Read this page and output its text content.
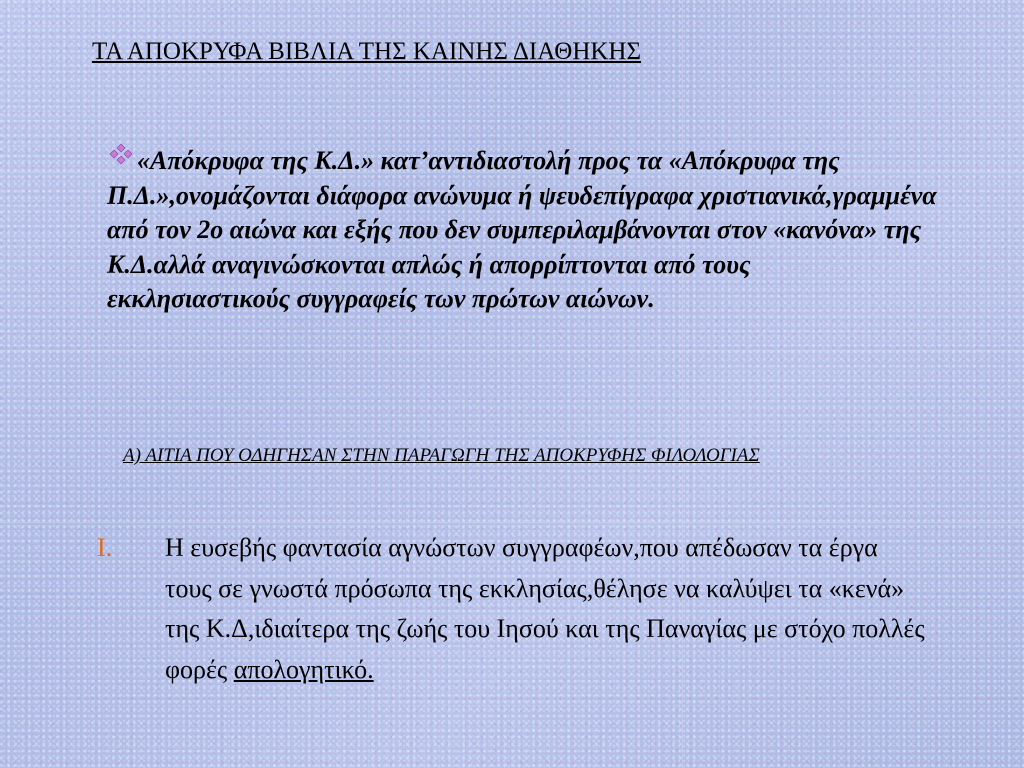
ΤΑ ΑΠΟΚΡΥΦΑ ΒΙΒΛΙΑ ΤΗΣ ΚΑΙΝΗΣ ΔΙΑΘΗΚΗΣ
«Απόκρυφα της Κ.Δ.» κατ’αντιδιαστολή προς τα «Απόκρυφα της Π.Δ.»,ονομάζονται διάφορα ανώνυμα ή ψευδεπίγραφα χριστιανικά,γραμμένα από τον 2ο αιώνα και εξής που δεν συμπεριλαμβάνονται στον «κανόνα» της Κ.Δ.αλλά αναγινώσκονται απλώς ή απορρίπτονται από τους εκκλησιαστικούς συγγραφείς των πρώτων αιώνων.
Α) ΑΙΤΙΑ ΠΟΥ ΟΔΗΓΗΣΑΝ ΣΤΗΝ ΠΑΡΑΓΩΓΗ ΤΗΣ ΑΠΟΚΡΥΦΗΣ ΦΙΛΟΛΟΓΙΑΣ
I. Η ευσεβής φαντασία αγνώστων συγγραφέων,που απέδωσαν τα έργα τους σε γνωστά πρόσωπα της εκκλησίας,θέλησε να καλύψει τα «κενά» της Κ.Δ,ιδιαίτερα της ζωής του Ιησού και της Παναγίας με στόχο πολλές φορές απολογητικό.
